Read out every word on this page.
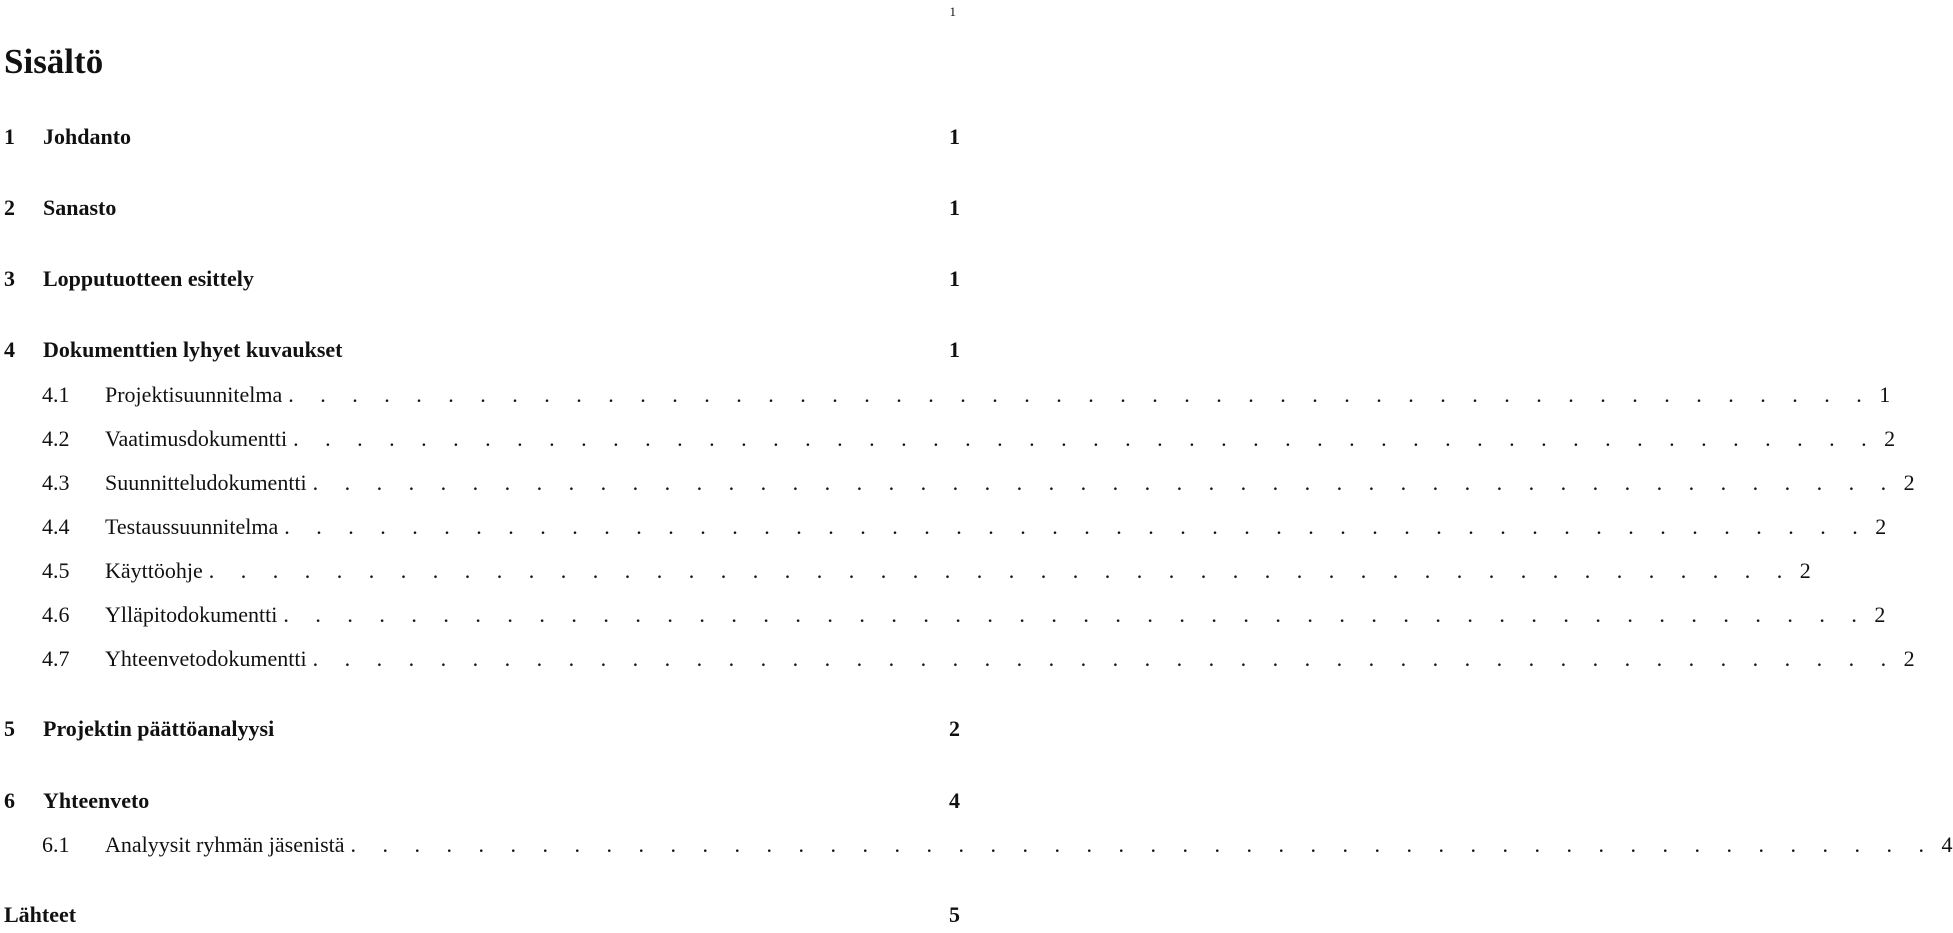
1
Sisältö
1	Johdanto	1
2	Sanasto	1
3	Lopputuotteen esittely	1
4	Dokumenttien lyhyet kuvaukset	1
4.1	Projektisuunnitelma . . . . . . . . . . . . . . . . . . . . . . . . . . . . . . . . . . . . . . . . . . . . . . . . . . 1
4.2	Vaatimusdokumentti . . . . . . . . . . . . . . . . . . . . . . . . . . . . . . . . . . . . . . . . . . . . . . . . . . 2
4.3	Suunnitteludokumentti . . . . . . . . . . . . . . . . . . . . . . . . . . . . . . . . . . . . . . . . . . . . . . . . . . 2
4.4	Testaussuunnitelma . . . . . . . . . . . . . . . . . . . . . . . . . . . . . . . . . . . . . . . . . . . . . . . . . . 2
4.5	Käyttöohje . . . . . . . . . . . . . . . . . . . . . . . . . . . . . . . . . . . . . . . . . . . . . . . . . . 2
4.6	Ylläpitodokumentti . . . . . . . . . . . . . . . . . . . . . . . . . . . . . . . . . . . . . . . . . . . . . . . . . . 2
4.7	Yhteenvetodokumentti . . . . . . . . . . . . . . . . . . . . . . . . . . . . . . . . . . . . . . . . . . . . . . . . . . 2
5	Projektin päättöanalyysi	2
6	Yhteenveto	4
6.1	Analyysit ryhmän jäsenistä . . . . . . . . . . . . . . . . . . . . . . . . . . . . . . . . . . . . . . . . . . . . . . . . . . 4
Lähteet	5
